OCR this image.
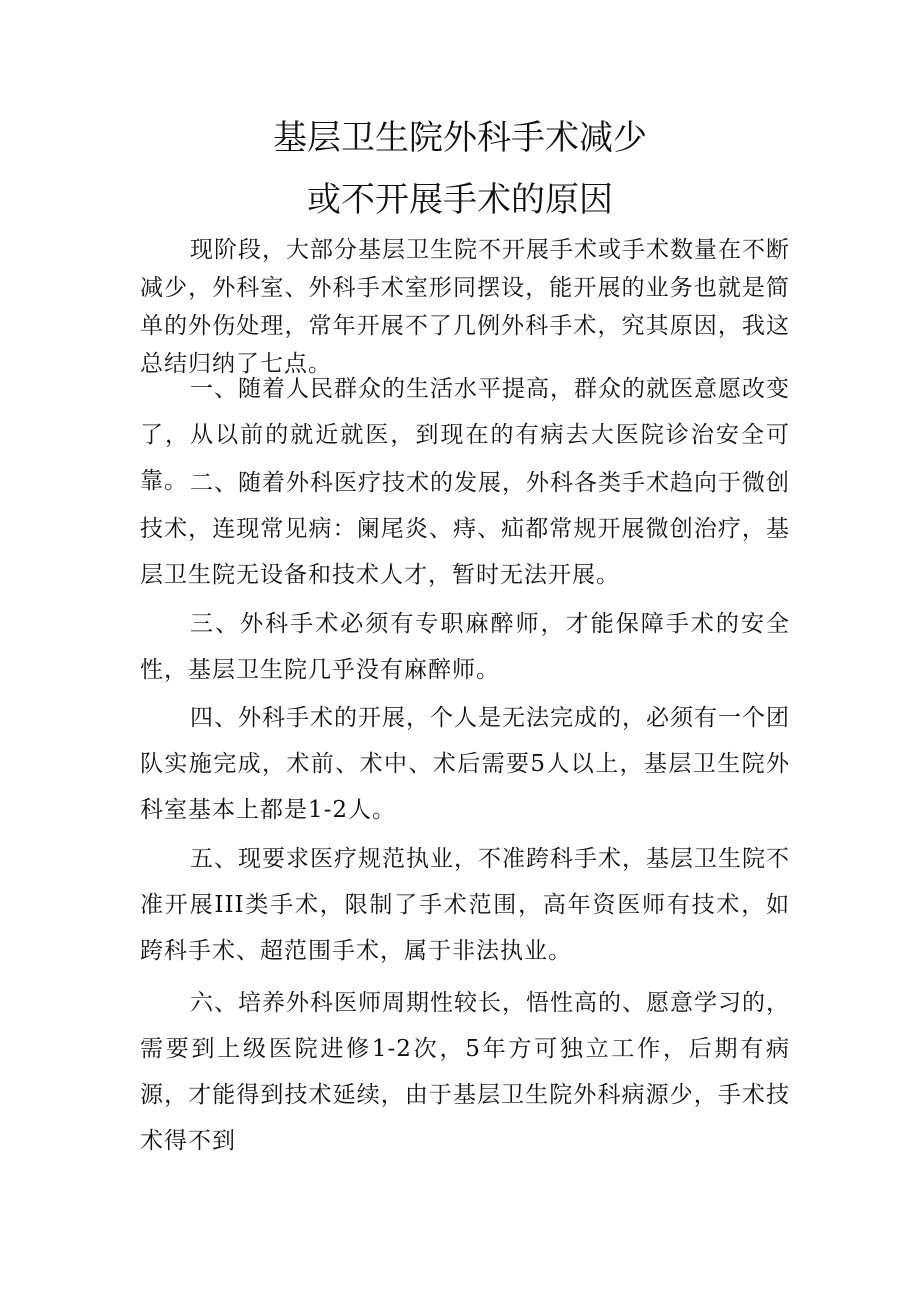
基层卫生院外科手术减少
或不开展手术的原因

现阶段，大部分基层卫生院不开展手术或手术数量在不断减少，外科室、外科手术室形同摆设，能开展的业务也就是简单的外伤处理，常年开展不了几例外科手术，究其原因，我这总结归纳了七点。

一、随着人民群众的生活水平提高，群众的就医意愿改变了，从以前的就近就医，到现在的有病去大医院诊治安全可靠。 二、随着外科医疗技术的发展，外科各类手术趋向于微创技术，连现常见病：阑尾炎、痔、疝都常规开展微创治疗，基层卫生院无设备和技术人才，暂时无法开展。

三、外科手术必须有专职麻醉师，才能保障手术的安全性，基层卫生院几乎没有麻醉师。

四、外科手术的开展，个人是无法完成的，必须有一个团队实施完成，术前、术中、术后需要5人以上，基层卫生院外科室基本上都是1-2人。

五、现要求医疗规范执业，不准跨科手术，基层卫生院不准开展III类手术，限制了手术范围，高年资医师有技术，如跨科手术、超范围手术，属于非法执业。

六、培养外科医师周期性较长，悟性高的、愿意学习的，需要到上级医院进修1-2次，5年方可独立工作，后期有病源，才能得到技术延续，由于基层卫生院外科病源少，手术技术得不到
